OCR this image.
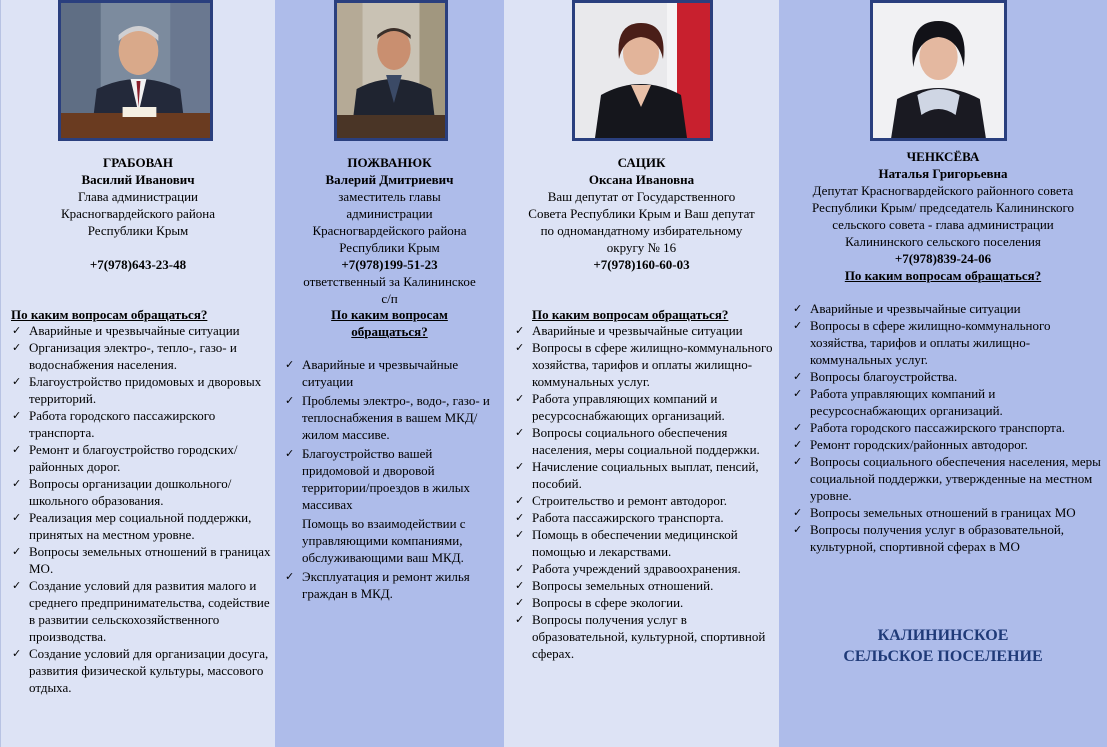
ГРАБОВАН
Василий Иванович
Глава администрации
Красногвардейского района
Республики Крым
+7(978)643-23-48
По каким вопросам обращаться?
✓ Аварийные и чрезвычайные ситуации
✓ Организация электро-, тепло-, газо- и водоснабжения населения.
✓ Благоустройство придомовых и дворовых территорий.
✓ Работа городского пассажирского транспорта.
✓ Ремонт и благоустройство городских/районных дорог.
✓ Вопросы организации дошкольного/школьного образования.
✓ Реализация мер социальной поддержки, принятых на местном уровне.
✓ Вопросы земельных отношений в границах МО.
✓ Создание условий для развития малого и среднего предпринимательства, содействие в развитии сельскохозяйственного производства.
✓ Создание условий для организации досуга, развития физической культуры, массового отдыха.
ПОЖВАНЮК
Валерий Дмитриевич
заместитель главы
администрации
Красногвардейского района
Республики Крым
+7(978)199-51-23
ответственный за Калининское
с/п
По каким вопросам
обращаться?
✓ Аварийные и чрезвычайные ситуации
✓ Проблемы электро-, водо-, газо- и теплоснабжения в вашем МКД/жилом массиве.
✓ Благоустройство вашей придомовой и дворовой территории/проездов в жилых массивах
Помощь во взаимодействии с управляющими компаниями, обслуживающими ваш МКД.
✓ Эксплуатация и ремонт жилья граждан в МКД.
САЦИК
Оксана Ивановна
Ваш депутат от Государственного
Совета Республики Крым и Ваш депутат
по одномандатному избирательному
округу № 16
+7(978)160-60-03
По каким вопросам обращаться?
✓ Аварийные и чрезвычайные ситуации
✓ Вопросы в сфере жилищно-коммунального хозяйства, тарифов и оплаты жилищно-коммунальных услуг.
✓ Работа управляющих компаний и ресурсоснабжающих организаций.
✓ Вопросы социального обеспечения населения, меры социальной поддержки.
✓ Начисление социальных выплат, пенсий, пособий.
✓ Строительство и ремонт автодорог.
✓ Работа пассажирского транспорта.
✓ Помощь в обеспечении медицинской помощью и лекарствами.
✓ Работа учреждений здравоохранения.
✓ Вопросы земельных отношений.
✓ Вопросы в сфере экологии.
✓ Вопросы получения услуг в образовательной, культурной, спортивной сферах.
ЧЕНКСЁВА
Наталья Григорьевна
Депутат Красногвардейского районного совета
Республики Крым/ председатель Калининского
сельского совета - глава администрации
Калининского сельского поселения
+7(978)839-24-06
По каким вопросам обращаться?
✓ Аварийные и чрезвычайные ситуации
✓ Вопросы в сфере жилищно-коммунального хозяйства, тарифов и оплаты жилищно-коммунальных услуг.
✓ Вопросы благоустройства.
✓ Работа управляющих компаний и ресурсоснабжающих организаций.
✓ Работа городского пассажирского транспорта.
✓ Ремонт городских/районных автодорог.
✓ Вопросы социального обеспечения населения, меры социальной поддержки, утвержденные на местном уровне.
✓ Вопросы земельных отношений в границах МО
✓ Вопросы получения услуг в образовательной, культурной, спортивной сферах в МО
КАЛИНИНСКОЕ
СЕЛЬСКОЕ ПОСЕЛЕНИЕ
